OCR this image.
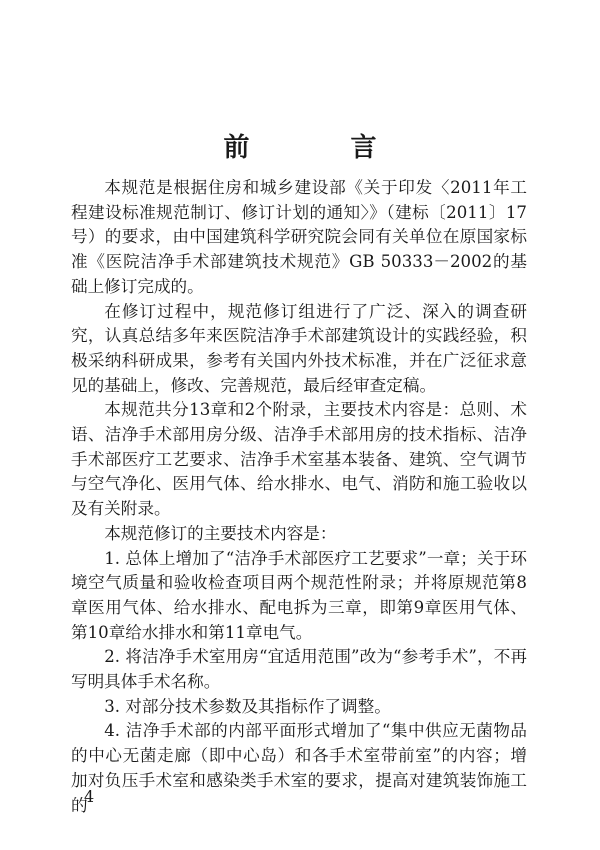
前 言

本规范是根据住房和城乡建设部《关于印发〈2011年工程建设标准规范制订、修订计划的通知〉》（建标〔2011〕17号）的要求，由中国建筑科学研究院会同有关单位在原国家标准《医院洁净手术部建筑技术规范》GB 50333－2002的基础上修订完成的。

在修订过程中，规范修订组进行了广泛、深入的调查研究，认真总结多年来医院洁净手术部建筑设计的实践经验，积极采纳科研成果，参考有关国内外技术标准，并在广泛征求意见的基础上，修改、完善规范，最后经审查定稿。

本规范共分13章和2个附录，主要技术内容是：总则、术语、洁净手术部用房分级、洁净手术部用房的技术指标、洁净手术部医疗工艺要求、洁净手术室基本装备、建筑、空气调节与空气净化、医用气体、给水排水、电气、消防和施工验收以及有关附录。

本规范修订的主要技术内容是：

1. 总体上增加了“洁净手术部医疗工艺要求”一章；关于环境空气质量和验收检查项目两个规范性附录；并将原规范第8章医用气体、给水排水、配电拆为三章，即第9章医用气体、第10章给水排水和第11章电气。

2. 将洁净手术室用房“宜适用范围”改为“参考手术”，不再写明具体手术名称。

3. 对部分技术参数及其指标作了调整。

4. 洁净手术部的内部平面形式增加了“集中供应无菌物品的中心无菌走廊（即中心岛）和各手术室带前室”的内容；增加对负压手术室和感染类手术室的要求，提高对建筑装饰施工的

4
